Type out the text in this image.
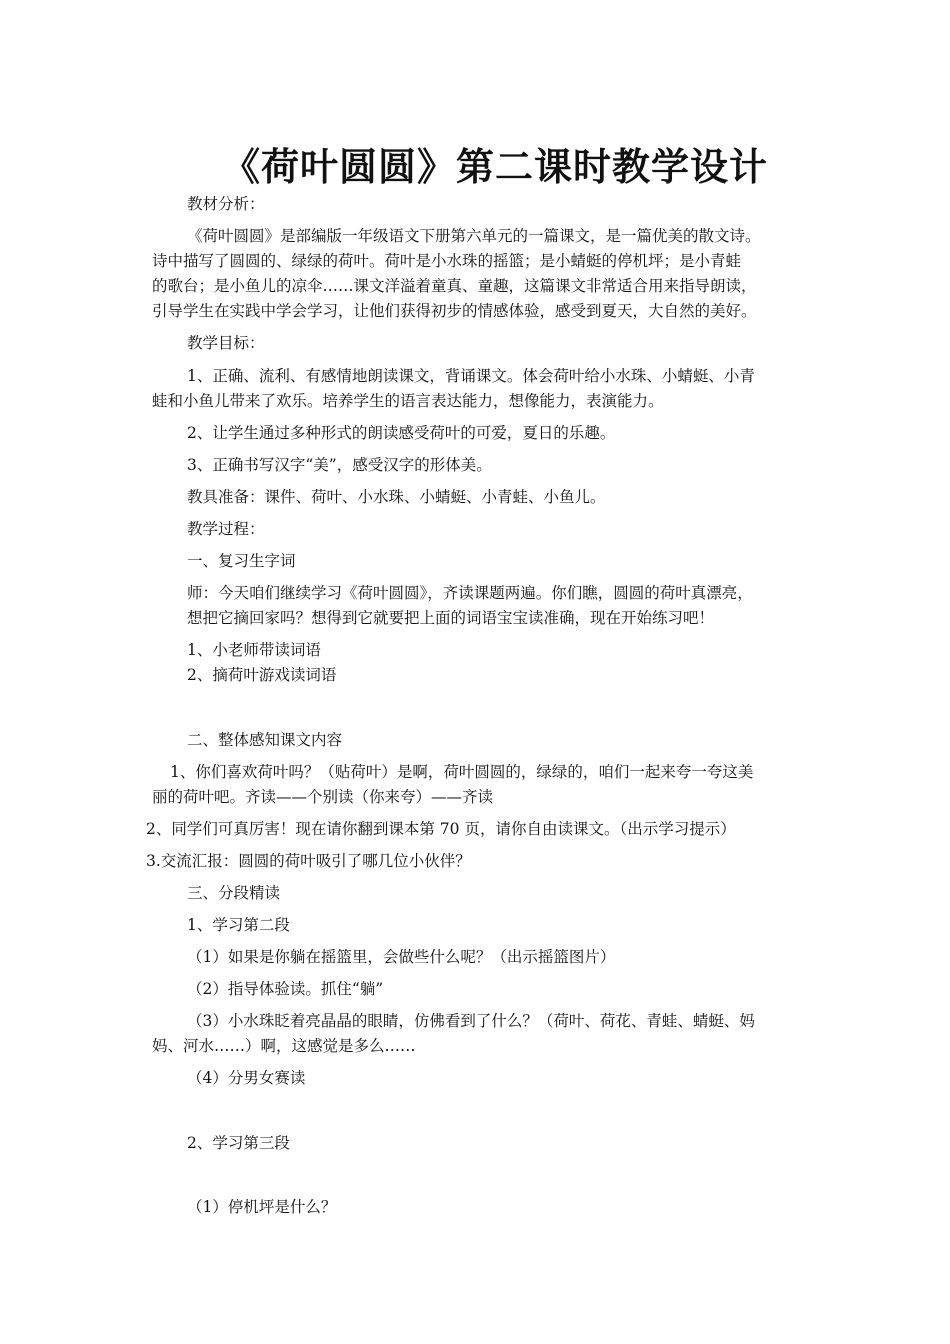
《荷叶圆圆》第二课时教学设计
教材分析：
《荷叶圆圆》是部编版一年级语文下册第六单元的一篇课文，是一篇优美的散文诗。
诗中描写了圆圆的、绿绿的荷叶。荷叶是小水珠的摇篮；是小蜻蜓的停机坪；是小青蛙
的歌台；是小鱼儿的凉伞……课文洋溢着童真、童趣，这篇课文非常适合用来指导朗读，
引导学生在实践中学会学习，让他们获得初步的情感体验，感受到夏天，大自然的美好。
教学目标：
1、正确、流利、有感情地朗读课文，背诵课文。体会荷叶给小水珠、小蜻蜓、小青
蛙和小鱼儿带来了欢乐。培养学生的语言表达能力，想像能力，表演能力。
2、让学生通过多种形式的朗读感受荷叶的可爱，夏日的乐趣。
3、正确书写汉字“美”，感受汉字的形体美。
教具准备：课件、荷叶、小水珠、小蜻蜓、小青蛙、小鱼儿。
教学过程：
一、复习生字词
师：今天咱们继续学习《荷叶圆圆》，齐读课题两遍。你们瞧，圆圆的荷叶真漂亮，
想把它摘回家吗？想得到它就要把上面的词语宝宝读准确，现在开始练习吧！
1、小老师带读词语
2、摘荷叶游戏读词语
二、整体感知课文内容
1、你们喜欢荷叶吗？（贴荷叶）是啊，荷叶圆圆的，绿绿的，咱们一起来夸一夸这美
丽的荷叶吧。齐读——个别读（你来夸）——齐读
2、同学们可真厉害！现在请你翻到课本第 70 页，请你自由读课文。（出示学习提示）
3.交流汇报：圆圆的荷叶吸引了哪几位小伙伴？
三、分段精读
1、学习第二段
（1）如果是你躺在摇篮里，会做些什么呢？（出示摇篮图片）
（2）指导体验读。抓住“躺”
（3）小水珠眨着亮晶晶的眼睛，仿佛看到了什么？（荷叶、荷花、青蛙、蜻蜓、妈
妈、河水……）啊，这感觉是多么……
（4）分男女赛读
2、学习第三段
（1）停机坪是什么？
